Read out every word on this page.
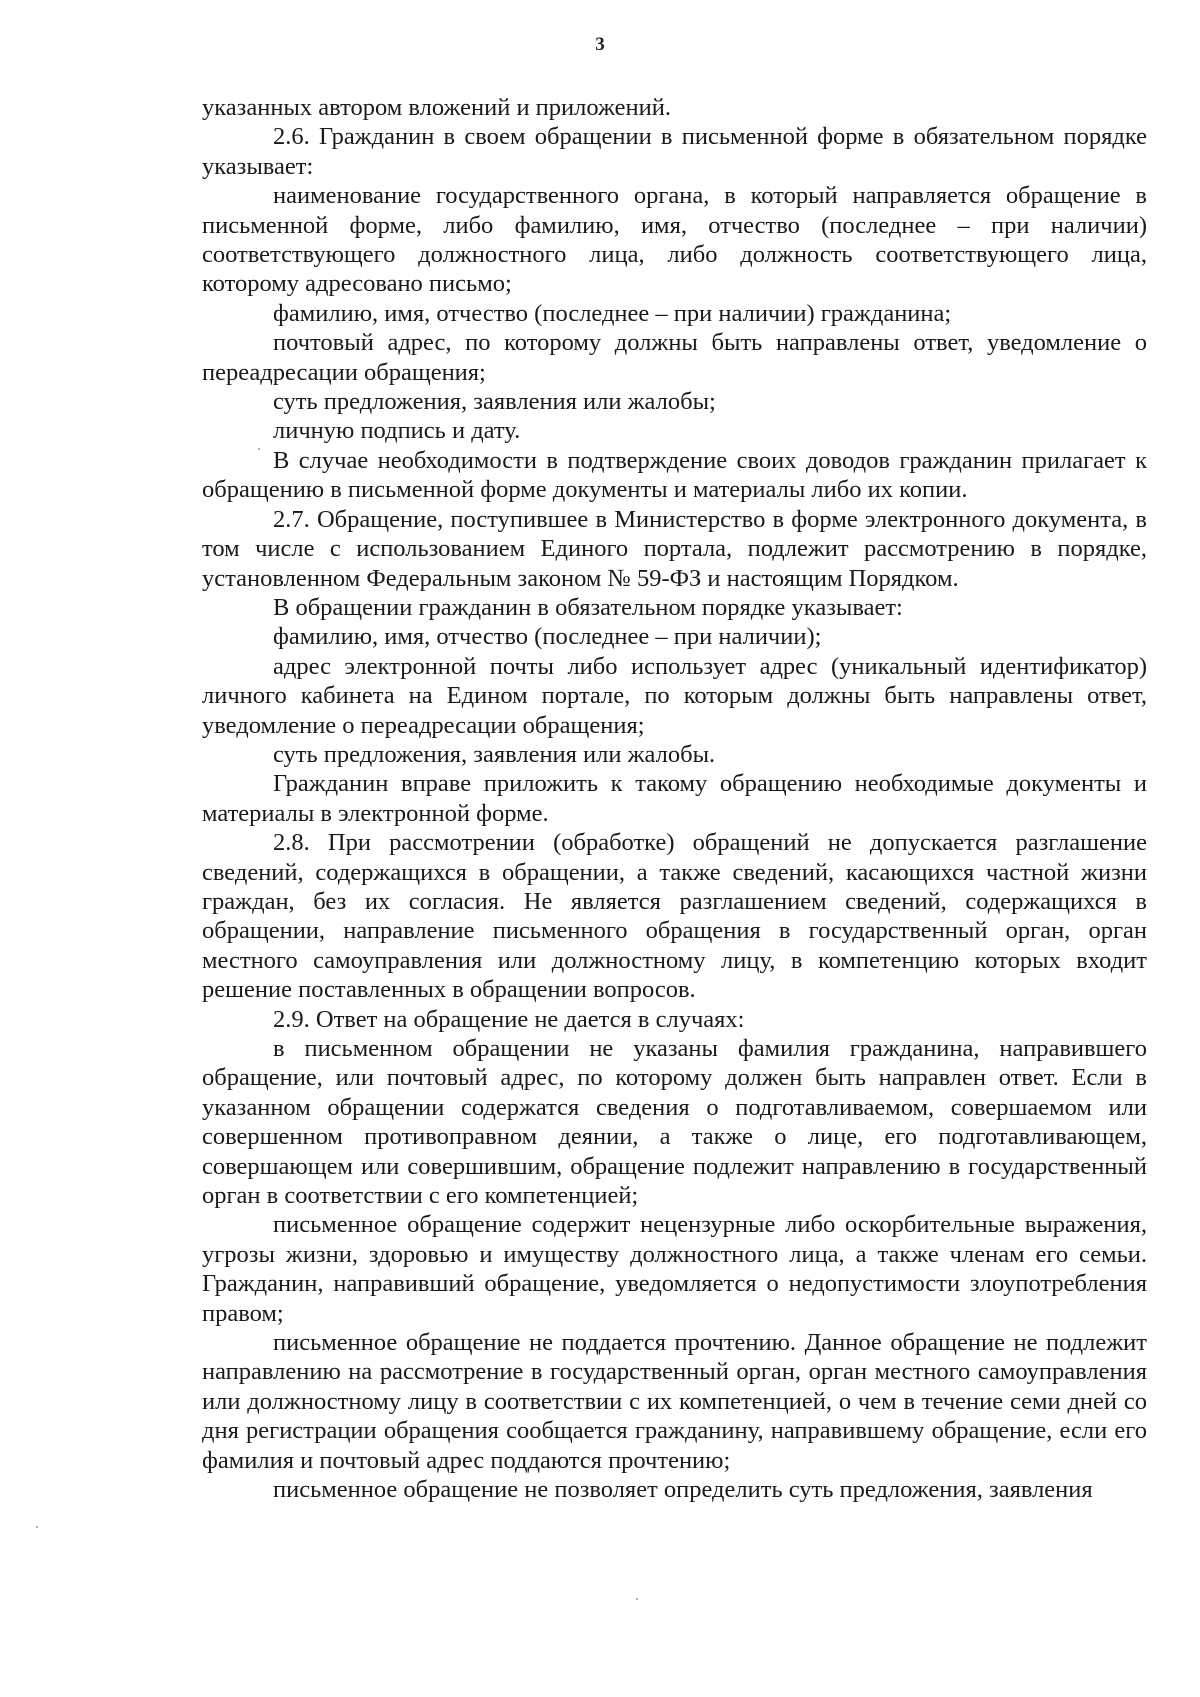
3

указанных автором вложений и приложений.

2.6. Гражданин в своем обращении в письменной форме в обязательном порядке указывает:

наименование государственного органа, в который направляется обращение в письменной форме, либо фамилию, имя, отчество (последнее – при наличии) соответствующего должностного лица, либо должность соответствующего лица, которому адресовано письмо;

фамилию, имя, отчество (последнее – при наличии) гражданина;

почтовый адрес, по которому должны быть направлены ответ, уведомление о переадресации обращения;

суть предложения, заявления или жалобы;

личную подпись и дату.

В случае необходимости в подтверждение своих доводов гражданин прилагает к обращению в письменной форме документы и материалы либо их копии.

2.7. Обращение, поступившее в Министерство в форме электронного документа, в том числе с использованием Единого портала, подлежит рассмотрению в порядке, установленном Федеральным законом № 59-ФЗ и настоящим Порядком.

В обращении гражданин в обязательном порядке указывает:

фамилию, имя, отчество (последнее – при наличии);

адрес электронной почты либо использует адрес (уникальный идентификатор) личного кабинета на Едином портале, по которым должны быть направлены ответ, уведомление о переадресации обращения;

суть предложения, заявления или жалобы.

Гражданин вправе приложить к такому обращению необходимые документы и материалы в электронной форме.

2.8. При рассмотрении (обработке) обращений не допускается разглашение сведений, содержащихся в обращении, а также сведений, касающихся частной жизни граждан, без их согласия. Не является разглашением сведений, содержащихся в обращении, направление письменного обращения в государственный орган, орган местного самоуправления или должностному лицу, в компетенцию которых входит решение поставленных в обращении вопросов.

2.9. Ответ на обращение не дается в случаях:

в письменном обращении не указаны фамилия гражданина, направившего обращение, или почтовый адрес, по которому должен быть направлен ответ. Если в указанном обращении содержатся сведения о подготавливаемом, совершаемом или совершенном противоправном деянии, а также о лице, его подготавливающем, совершающем или совершившим, обращение подлежит направлению в государственный орган в соответствии с его компетенцией;

письменное обращение содержит нецензурные либо оскорбительные выражения, угрозы жизни, здоровью и имуществу должностного лица, а также членам его семьи. Гражданин, направивший обращение, уведомляется о недопустимости злоупотребления правом;

письменное обращение не поддается прочтению. Данное обращение не подлежит направлению на рассмотрение в государственный орган, орган местного самоуправления или должностному лицу в соответствии с их компетенцией, о чем в течение семи дней со дня регистрации обращения сообщается гражданину, направившему обращение, если его фамилия и почтовый адрес поддаются прочтению;

письменное обращение не позволяет определить суть предложения, заявления
